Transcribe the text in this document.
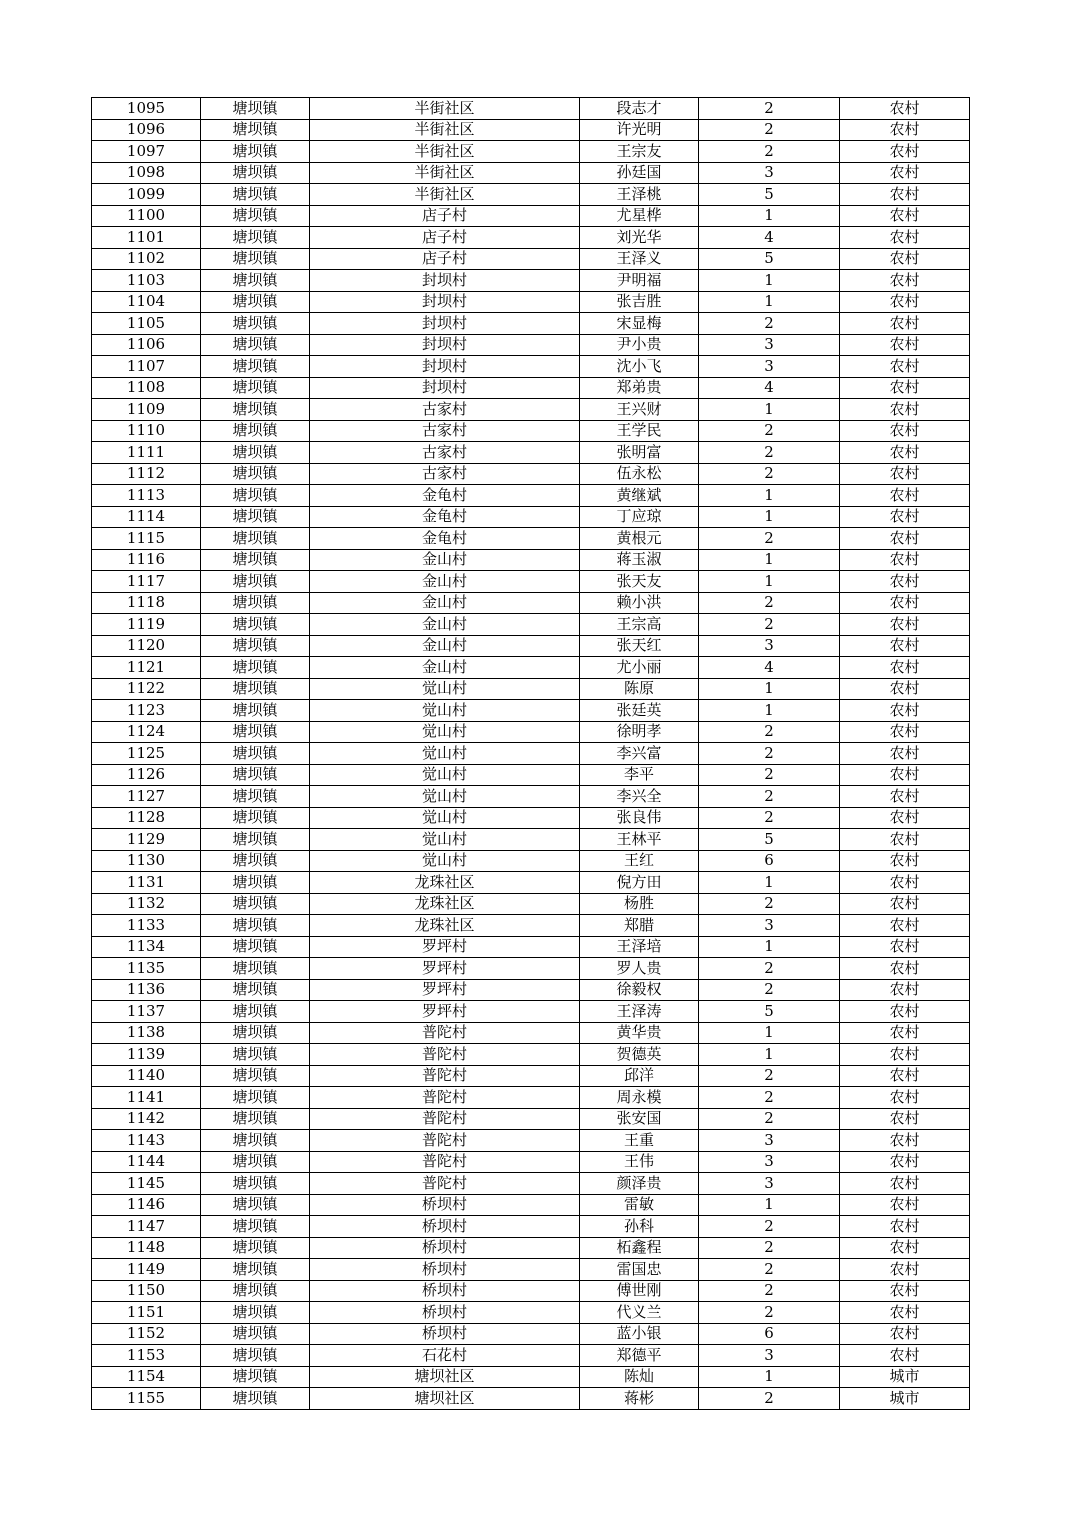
1095	塘坝镇	半街社区	段志才	2	农村
1096	塘坝镇	半街社区	许光明	2	农村
1097	塘坝镇	半街社区	王宗友	2	农村
1098	塘坝镇	半街社区	孙廷国	3	农村
1099	塘坝镇	半街社区	王泽桃	5	农村
1100	塘坝镇	店子村	尤星桦	1	农村
1101	塘坝镇	店子村	刘光华	4	农村
1102	塘坝镇	店子村	王泽义	5	农村
1103	塘坝镇	封坝村	尹明福	1	农村
1104	塘坝镇	封坝村	张吉胜	1	农村
1105	塘坝镇	封坝村	宋显梅	2	农村
1106	塘坝镇	封坝村	尹小贵	3	农村
1107	塘坝镇	封坝村	沈小飞	3	农村
1108	塘坝镇	封坝村	郑弟贵	4	农村
1109	塘坝镇	古家村	王兴财	1	农村
1110	塘坝镇	古家村	王学民	2	农村
1111	塘坝镇	古家村	张明富	2	农村
1112	塘坝镇	古家村	伍永松	2	农村
1113	塘坝镇	金龟村	黄继斌	1	农村
1114	塘坝镇	金龟村	丁应琼	1	农村
1115	塘坝镇	金龟村	黄根元	2	农村
1116	塘坝镇	金山村	蒋玉淑	1	农村
1117	塘坝镇	金山村	张天友	1	农村
1118	塘坝镇	金山村	赖小洪	2	农村
1119	塘坝镇	金山村	王宗高	2	农村
1120	塘坝镇	金山村	张天红	3	农村
1121	塘坝镇	金山村	尤小丽	4	农村
1122	塘坝镇	觉山村	陈原	1	农村
1123	塘坝镇	觉山村	张廷英	1	农村
1124	塘坝镇	觉山村	徐明孝	2	农村
1125	塘坝镇	觉山村	李兴富	2	农村
1126	塘坝镇	觉山村	李平	2	农村
1127	塘坝镇	觉山村	李兴全	2	农村
1128	塘坝镇	觉山村	张良伟	2	农村
1129	塘坝镇	觉山村	王林平	5	农村
1130	塘坝镇	觉山村	王红	6	农村
1131	塘坝镇	龙珠社区	倪方田	1	农村
1132	塘坝镇	龙珠社区	杨胜	2	农村
1133	塘坝镇	龙珠社区	郑腊	3	农村
1134	塘坝镇	罗坪村	王泽培	1	农村
1135	塘坝镇	罗坪村	罗人贵	2	农村
1136	塘坝镇	罗坪村	徐毅权	2	农村
1137	塘坝镇	罗坪村	王泽涛	5	农村
1138	塘坝镇	普陀村	黄华贵	1	农村
1139	塘坝镇	普陀村	贺德英	1	农村
1140	塘坝镇	普陀村	邱洋	2	农村
1141	塘坝镇	普陀村	周永模	2	农村
1142	塘坝镇	普陀村	张安国	2	农村
1143	塘坝镇	普陀村	王重	3	农村
1144	塘坝镇	普陀村	王伟	3	农村
1145	塘坝镇	普陀村	颜泽贵	3	农村
1146	塘坝镇	桥坝村	雷敏	1	农村
1147	塘坝镇	桥坝村	孙科	2	农村
1148	塘坝镇	桥坝村	柘鑫程	2	农村
1149	塘坝镇	桥坝村	雷国忠	2	农村
1150	塘坝镇	桥坝村	傅世刚	2	农村
1151	塘坝镇	桥坝村	代义兰	2	农村
1152	塘坝镇	桥坝村	蓝小银	6	农村
1153	塘坝镇	石花村	郑德平	3	农村
1154	塘坝镇	塘坝社区	陈灿	1	城市
1155	塘坝镇	塘坝社区	蒋彬	2	城市
